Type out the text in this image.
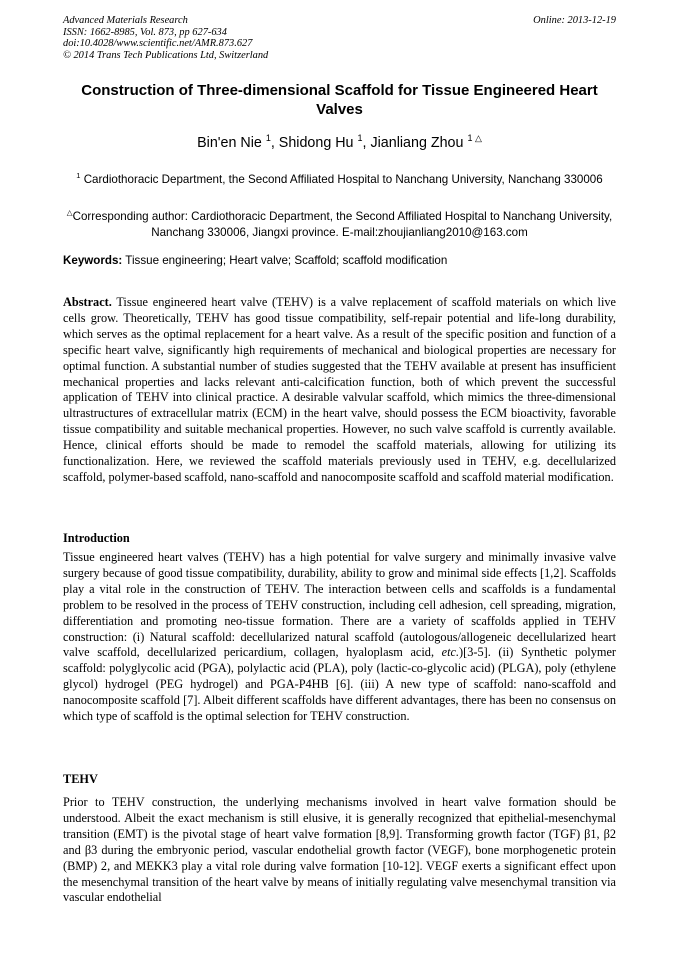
Advanced Materials Research
ISSN: 1662-8985, Vol. 873, pp 627-634
doi:10.4028/www.scientific.net/AMR.873.627
© 2014 Trans Tech Publications Ltd, Switzerland
Online: 2013-12-19
Construction of Three-dimensional Scaffold for Tissue Engineered Heart Valves
Bin'en Nie $^1$, Shidong Hu $^1$, Jianliang Zhou $^{1 \triangle}$
$^1$ Cardiothoracic Department, the Second Affiliated Hospital to Nanchang University, Nanchang 330006
△Corresponding author: Cardiothoracic Department, the Second Affiliated Hospital to Nanchang University, Nanchang 330006, Jiangxi province. E-mail:zhoujianliang2010@163.com
Keywords: Tissue engineering; Heart valve; Scaffold; scaffold modification
Abstract. Tissue engineered heart valve (TEHV) is a valve replacement of scaffold materials on which live cells grow. Theoretically, TEHV has good tissue compatibility, self-repair potential and life-long durability, which serves as the optimal replacement for a heart valve. As a result of the specific position and function of a specific heart valve, significantly high requirements of mechanical and biological properties are necessary for optimal function. A substantial number of studies suggested that the TEHV available at present has insufficient mechanical properties and lacks relevant anti-calcification function, both of which prevent the successful application of TEHV into clinical practice. A desirable valvular scaffold, which mimics the three-dimensional ultrastructures of extracellular matrix (ECM) in the heart valve, should possess the ECM bioactivity, favorable tissue compatibility and suitable mechanical properties. However, no such valve scaffold is currently available. Hence, clinical efforts should be made to remodel the scaffold materials, allowing for utilizing its functionalization. Here, we reviewed the scaffold materials previously used in TEHV, e.g. decellularized scaffold, polymer-based scaffold, nano-scaffold and nanocomposite scaffold and scaffold material modification.
Introduction
Tissue engineered heart valves (TEHV) has a high potential for valve surgery and minimally invasive valve surgery because of good tissue compatibility, durability, ability to grow and minimal side effects [1,2]. Scaffolds play a vital role in the construction of TEHV. The interaction between cells and scaffolds is a fundamental problem to be resolved in the process of TEHV construction, including cell adhesion, cell spreading, migration, differentiation and promoting neo-tissue formation. There are a variety of scaffolds applied in TEHV construction: (i) Natural scaffold: decellularized natural scaffold (autologous/allogeneic decellularized heart valve scaffold, decellularized pericardium, collagen, hyaloplasm acid, etc.)[3-5]. (ii) Synthetic polymer scaffold: polyglycolic acid (PGA), polylactic acid (PLA), poly (lactic-co-glycolic acid) (PLGA), poly (ethylene glycol) hydrogel (PEG hydrogel) and PGA-P4HB [6]. (iii) A new type of scaffold: nano-scaffold and nanocomposite scaffold [7]. Albeit different scaffolds have different advantages, there has been no consensus on which type of scaffold is the optimal selection for TEHV construction.
TEHV
Prior to TEHV construction, the underlying mechanisms involved in heart valve formation should be understood. Albeit the exact mechanism is still elusive, it is generally recognized that epithelial-mesenchymal transition (EMT) is the pivotal stage of heart valve formation [8,9]. Transforming growth factor (TGF) β1, β2 and β3 during the embryonic period, vascular endothelial growth factor (VEGF), bone morphogenetic protein (BMP) 2, and MEKK3 play a vital role during valve formation [10-12]. VEGF exerts a significant effect upon the mesenchymal transition of the heart valve by means of initially regulating valve mesenchymal transition via vascular endothelial
